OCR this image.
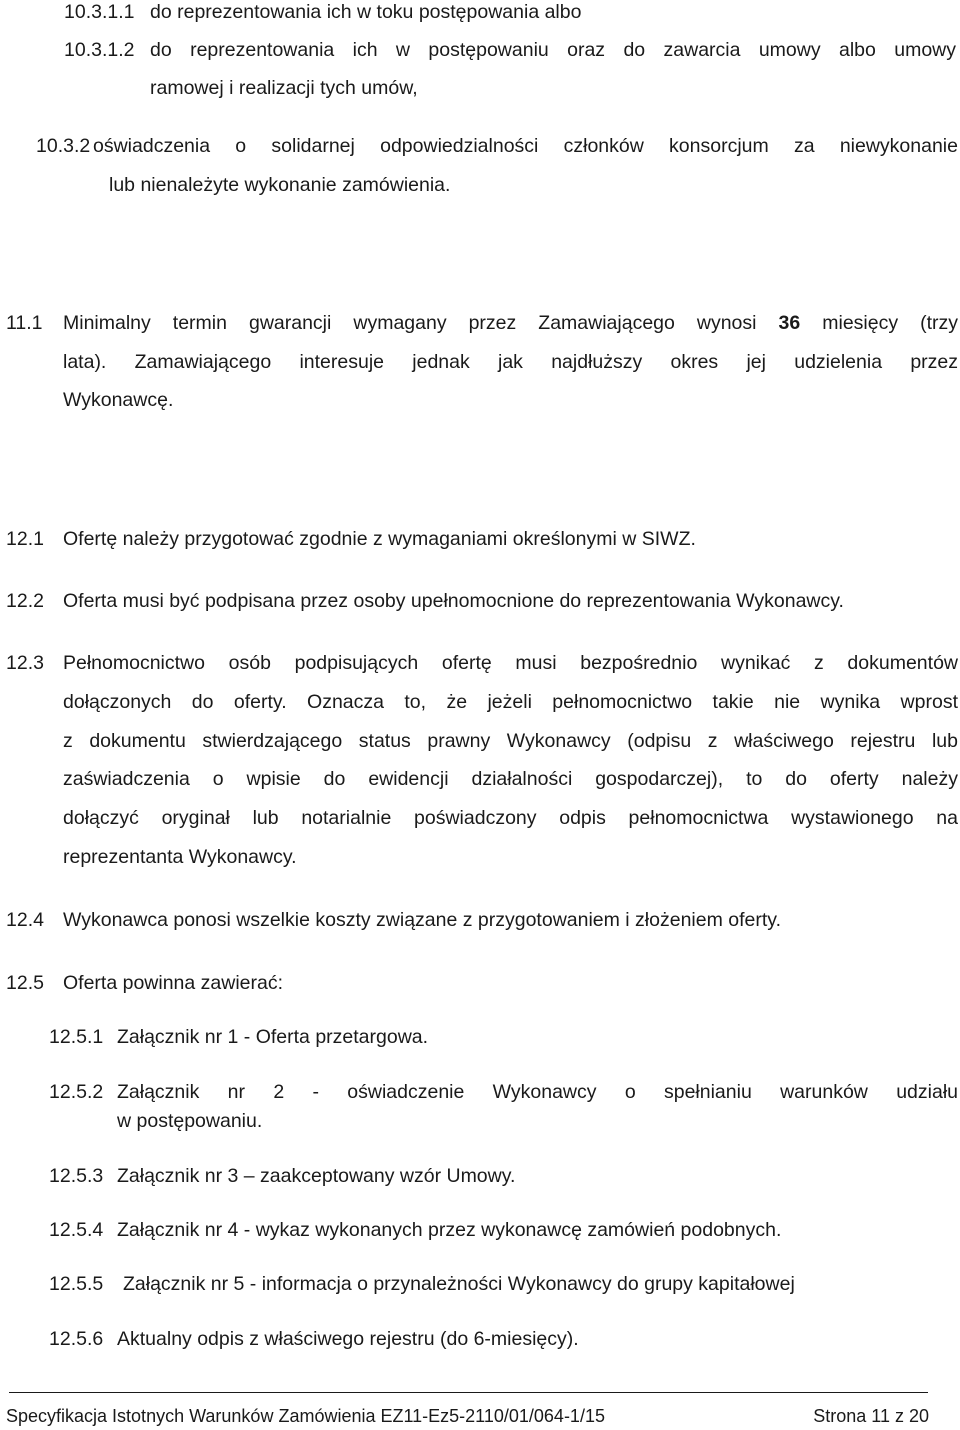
10.3.1.1 do reprezentowania ich w toku postępowania albo
10.3.1.2 do reprezentowania ich w postępowaniu oraz do zawarcia umowy albo umowy
ramowej i realizacji tych umów,
10.3.2 oświadczenia o solidarnej odpowiedzialności członków konsorcjum za niewykonanie
lub nienależyte wykonanie zamówienia.
11.1 Minimalny termin gwarancji wymagany przez Zamawiającego wynosi 36 miesięcy (trzy
lata). Zamawiającego interesuje jednak jak najdłuższy okres jej udzielenia przez
Wykonawcę.
12.1 Ofertę należy przygotować zgodnie z wymaganiami określonymi w SIWZ.
12.2 Oferta musi być podpisana przez osoby upełnomocnione do reprezentowania Wykonawcy.
12.3 Pełnomocnictwo osób podpisujących ofertę musi bezpośrednio wynikać z dokumentów
dołączonych do oferty. Oznacza to, że jeżeli pełnomocnictwo takie nie wynika wprost
z dokumentu stwierdzającego status prawny Wykonawcy (odpisu z właściwego rejestru lub
zaświadczenia o wpisie do ewidencji działalności gospodarczej), to do oferty należy
dołączyć oryginał lub notarialnie poświadczony odpis pełnomocnictwa wystawionego na
reprezentanta Wykonawcy.
12.4 Wykonawca ponosi wszelkie koszty związane z przygotowaniem i złożeniem oferty.
12.5 Oferta powinna zawierać:
12.5.1 Załącznik nr 1 - Oferta przetargowa.
12.5.2 Załącznik nr 2 - oświadczenie Wykonawcy o spełnianiu warunków udziału
w postępowaniu.
12.5.3 Załącznik nr 3 – zaakceptowany wzór Umowy.
12.5.4 Załącznik nr 4 - wykaz wykonanych przez wykonawcę zamówień podobnych.
12.5.5 Załącznik nr 5 - informacja o przynależności Wykonawcy do grupy kapitałowej
12.5.6 Aktualny odpis z właściwego rejestru (do 6-miesięcy).
Specyfikacja Istotnych Warunków Zamówienia EZ11-Ez5-2110/01/064-1/15	Strona 11 z 20
